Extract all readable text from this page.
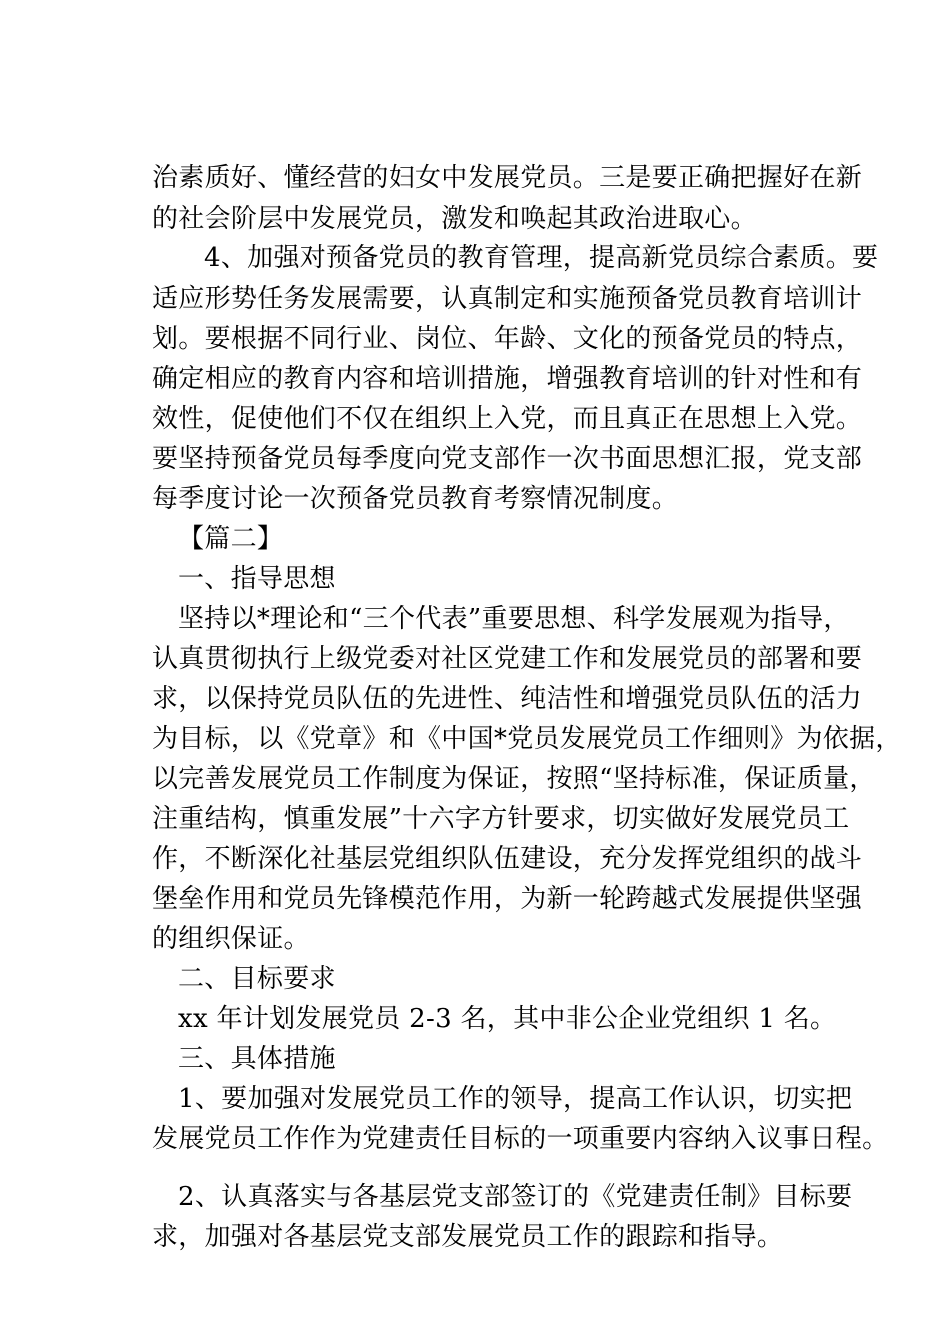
治素质好、懂经营的妇女中发展党员。三是要正确把握好在新
的社会阶层中发展党员，激发和唤起其政治进取心。
4、加强对预备党员的教育管理，提高新党员综合素质。要
适应形势任务发展需要，认真制定和实施预备党员教育培训计
划。要根据不同行业、岗位、年龄、文化的预备党员的特点，
确定相应的教育内容和培训措施，增强教育培训的针对性和有
效性，促使他们不仅在组织上入党，而且真正在思想上入党。
要坚持预备党员每季度向党支部作一次书面思想汇报，党支部
每季度讨论一次预备党员教育考察情况制度。
【篇二】
一、指导思想
坚持以*理论和“三个代表”重要思想、科学发展观为指导，
认真贯彻执行上级党委对社区党建工作和发展党员的部署和要
求，以保持党员队伍的先进性、纯洁性和增强党员队伍的活力
为目标，以《党章》和《中国*党员发展党员工作细则》为依据，
以完善发展党员工作制度为保证，按照“坚持标准，保证质量，
注重结构，慎重发展”十六字方针要求，切实做好发展党员工
作，不断深化社基层党组织队伍建设，充分发挥党组织的战斗
堡垒作用和党员先锋模范作用，为新一轮跨越式发展提供坚强
的组织保证。
二、目标要求
xx 年计划发展党员 2-3 名，其中非公企业党组织 1 名。
三、具体措施
1、要加强对发展党员工作的领导，提高工作认识，切实把
发展党员工作作为党建责任目标的一项重要内容纳入议事日程。
2、认真落实与各基层党支部签订的《党建责任制》目标要
求，加强对各基层党支部发展党员工作的跟踪和指导。
